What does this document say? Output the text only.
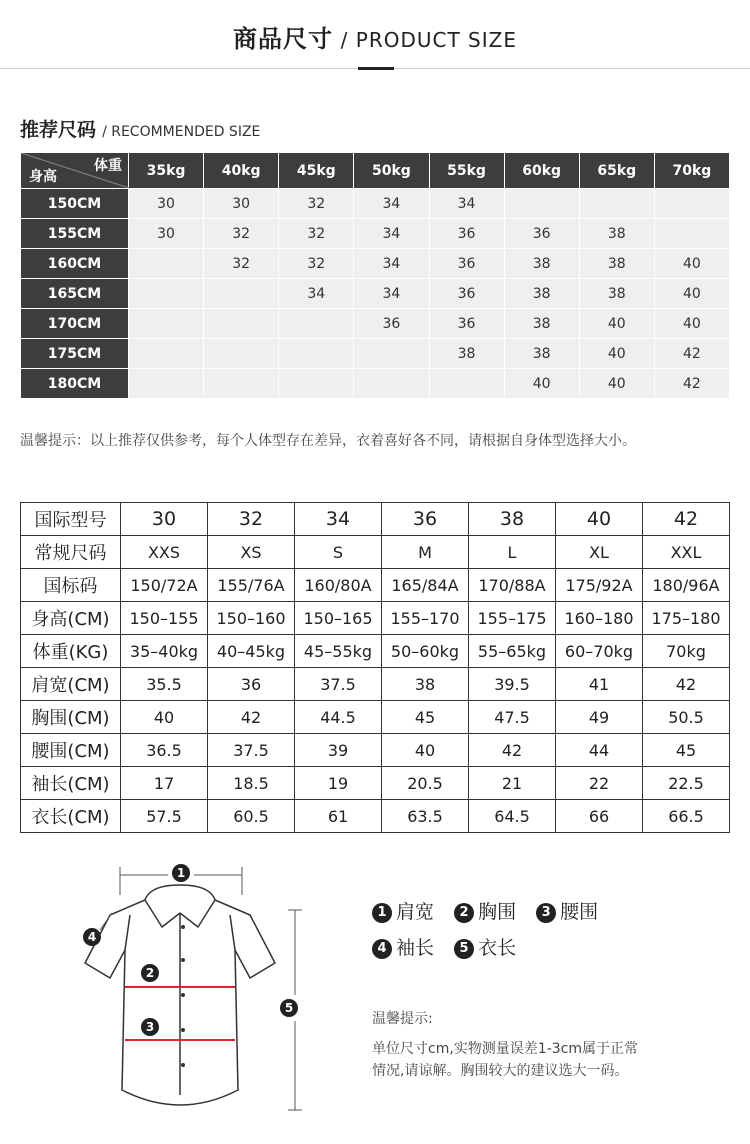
商品尺寸 / PRODUCT SIZE
推荐尺码 / RECOMMENDED SIZE
体重
身高	35kg	40kg	45kg	50kg	55kg	60kg	65kg	70kg
150CM	30	30	32	34	34			
155CM	30	32	32	34	36	36	38	
160CM		32	32	34	36	38	38	40
165CM			34	34	36	38	38	40
170CM				36	36	38	40	40
175CM					38	38	40	42
180CM						40	40	42
温馨提示：以上推荐仅供参考，每个人体型存在差异，衣着喜好各不同，请根据自身体型选择大小。
国际型号	30	32	34	36	38	40	42
常规尺码	XXS	XS	S	M	L	XL	XXL
国标码	150/72A	155/76A	160/80A	165/84A	170/88A	175/92A	180/96A
身高(CM)	150–155	150–160	150–165	155–170	155–175	160–180	175–180
体重(KG)	35–40kg	40–45kg	45–55kg	50–60kg	55–65kg	60–70kg	70kg
肩宽(CM)	35.5	36	37.5	38	39.5	41	42
胸围(CM)	40	42	44.5	45	47.5	49	50.5
腰围(CM)	36.5	37.5	39	40	42	44	45
袖长(CM)	17	18.5	19	20.5	21	22	22.5
衣长(CM)	57.5	60.5	61	63.5	64.5	66	66.5
1
2
3
4
5
1 肩宽 2 胸围 3 腰围
4 袖长 5 衣长
温馨提示:
单位尺寸cm,实物测量误差1-3cm属于正常
情况,请谅解。胸围较大的建议选大一码。
